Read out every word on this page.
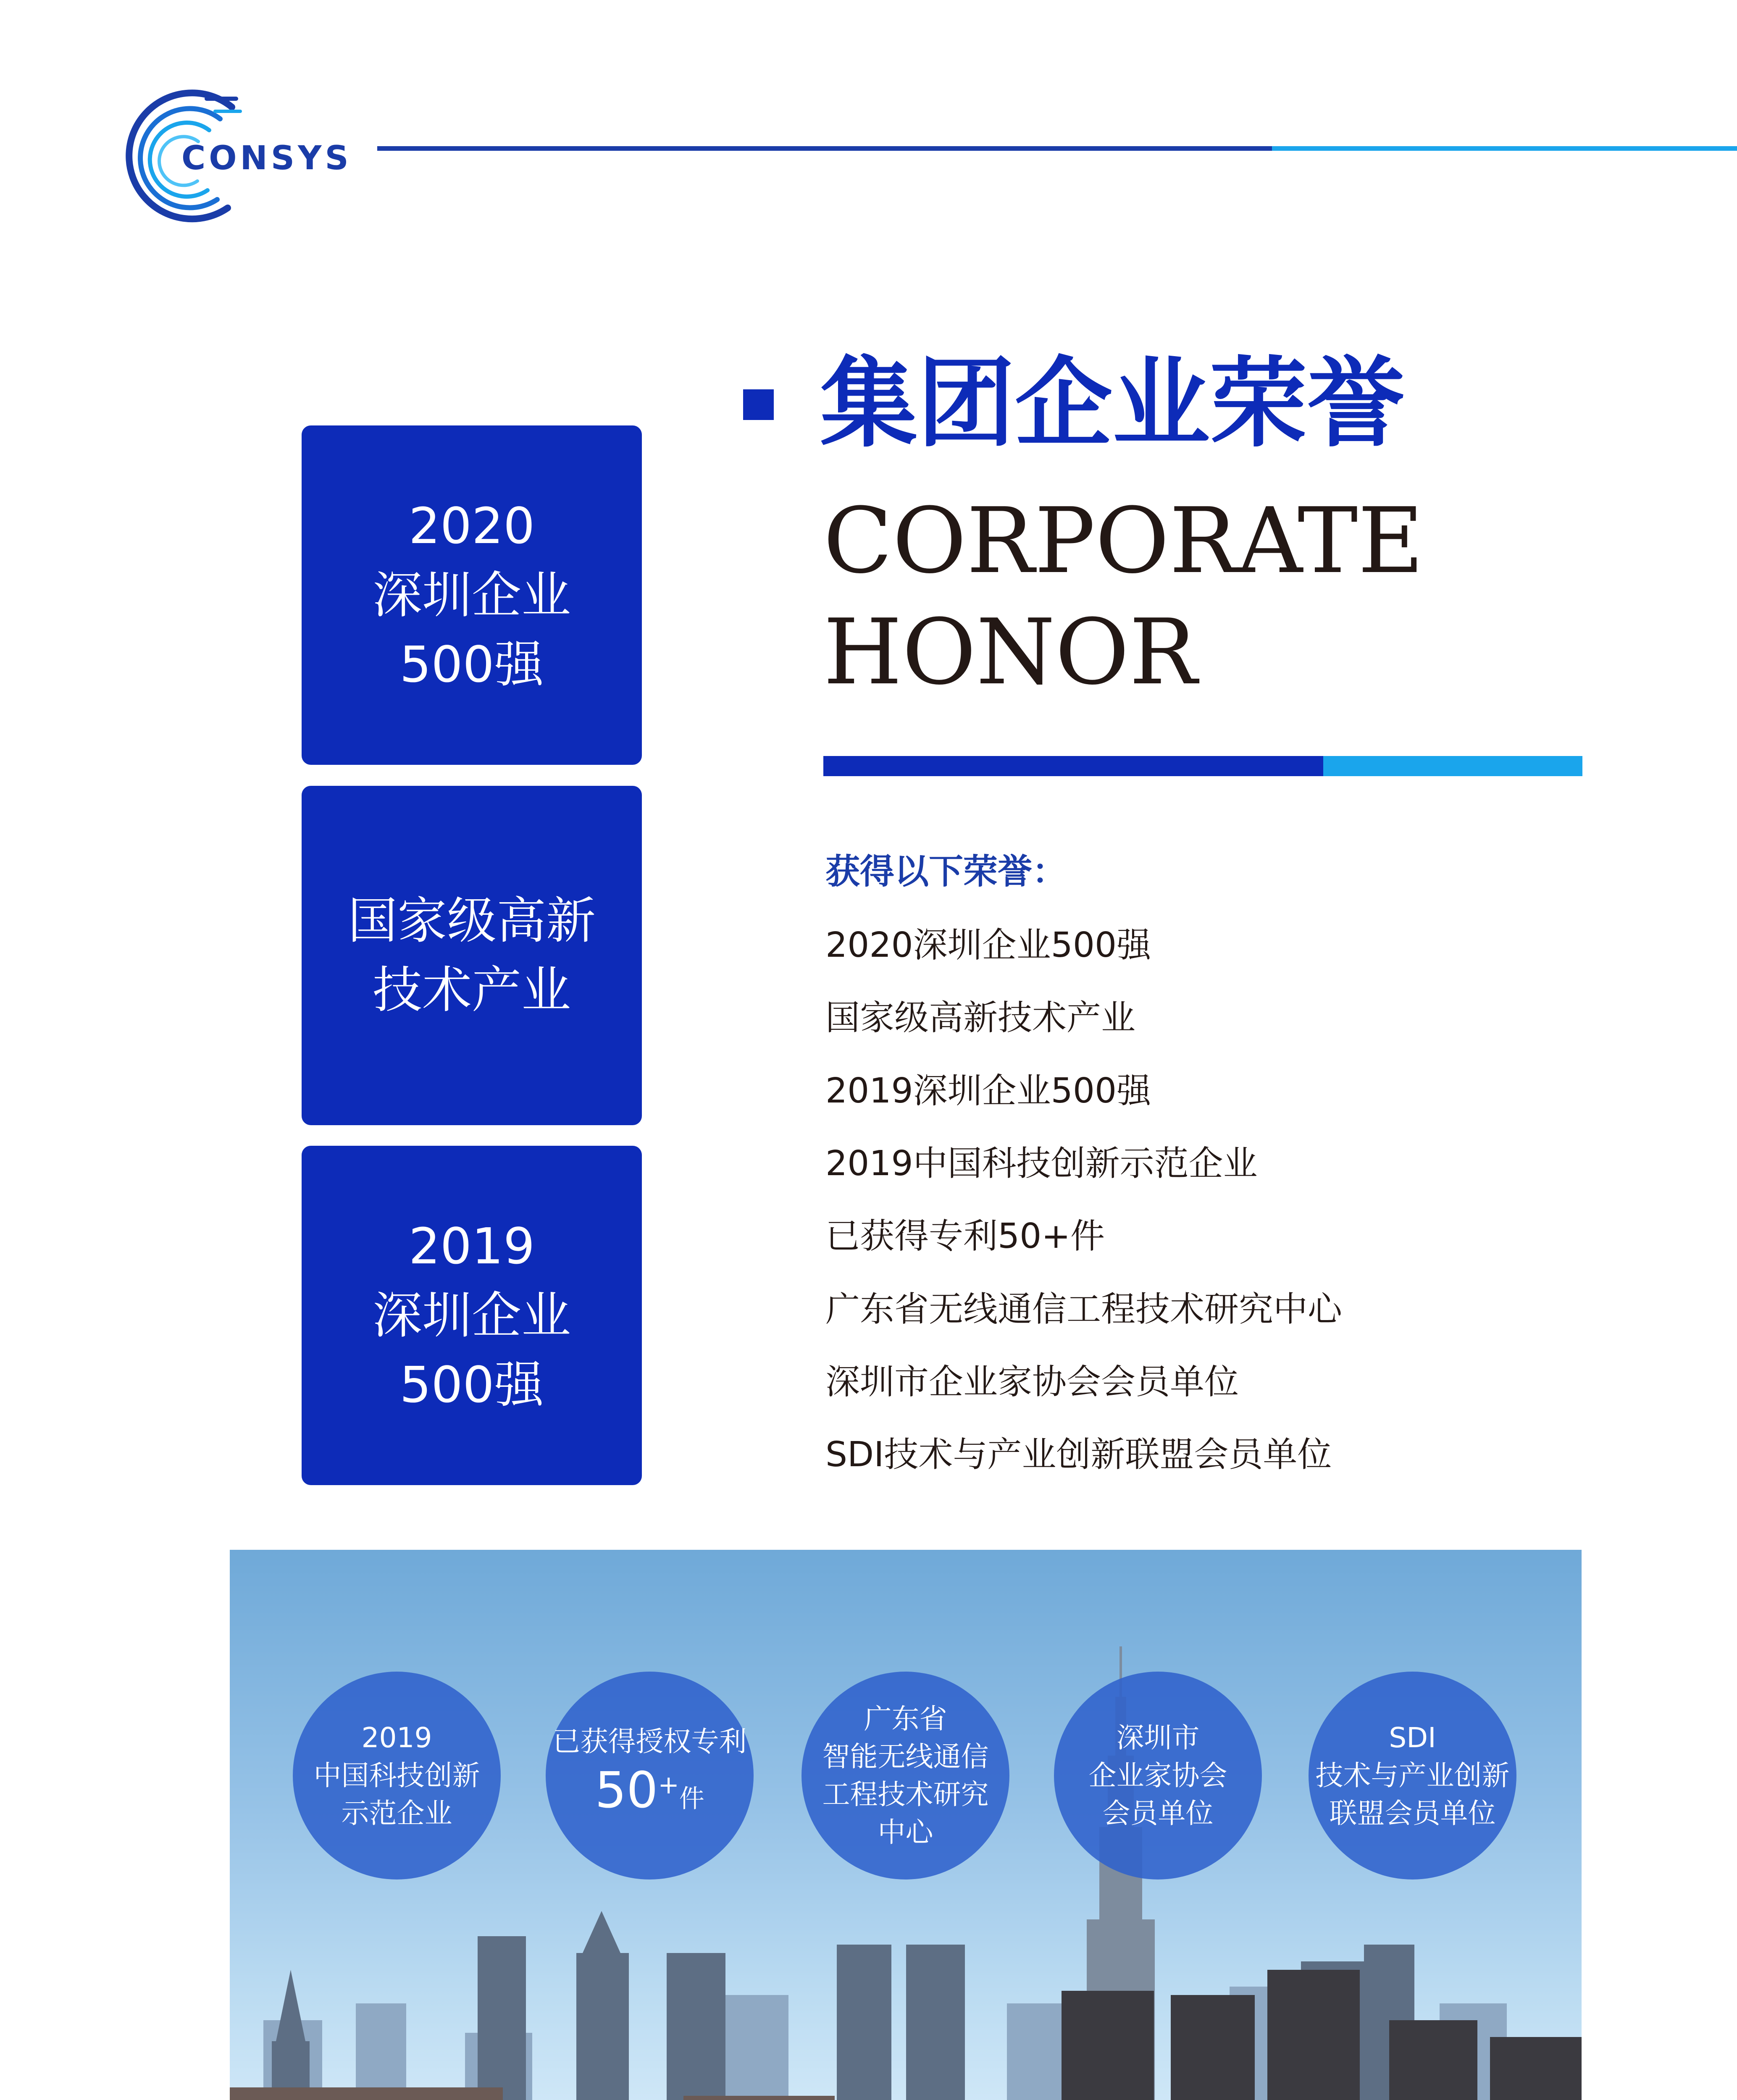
CONSYS
集团企业荣誉
CORPORATE
HONOR
2020
深圳企业
500强
国家级高新
技术产业
2019
深圳企业
500强
获得以下荣誉：
2020深圳企业500强
国家级高新技术产业
2019深圳企业500强
2019中国科技创新示范企业
已获得专利50+件
广东省无线通信工程技术研究中心
深圳市企业家协会会员单位
SDI技术与产业创新联盟会员单位
2019
中国科技创新
示范企业
已获得授权专利
50+件
广东省
智能无线通信
工程技术研究
中心
深圳市
企业家协会
会员单位
SDI
技术与产业创新
联盟会员单位
